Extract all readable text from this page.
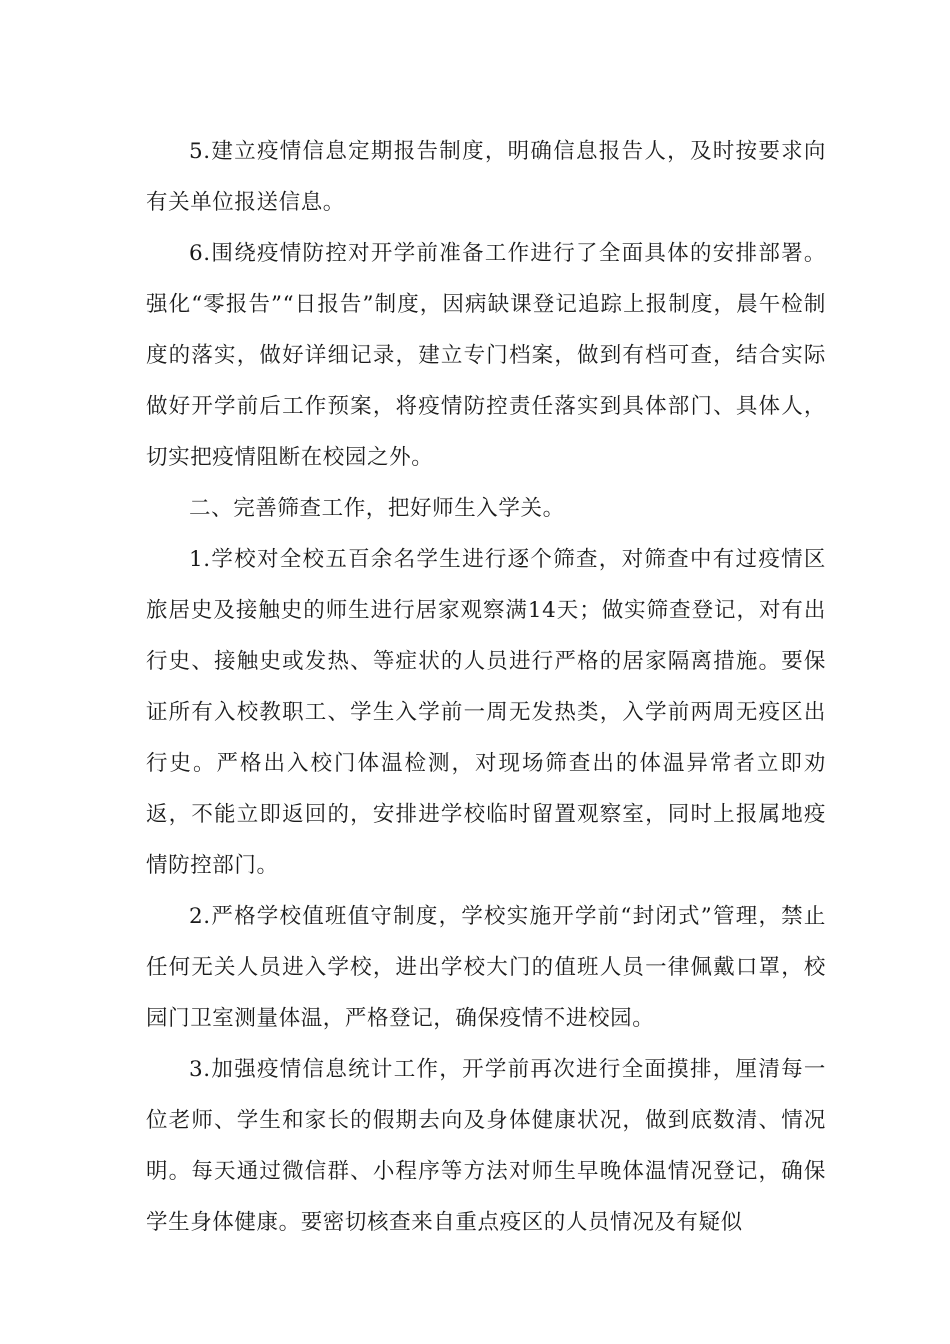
5.建立疫情信息定期报告制度，明确信息报告人，及时按要求向有关单位报送信息。

6.围绕疫情防控对开学前准备工作进行了全面具体的安排部署。强化“零报告”“日报告”制度，因病缺课登记追踪上报制度，晨午检制度的落实，做好详细记录，建立专门档案，做到有档可查，结合实际做好开学前后工作预案，将疫情防控责任落实到具体部门、具体人，切实把疫情阻断在校园之外。

二、完善筛查工作，把好师生入学关。

1.学校对全校五百余名学生进行逐个筛查，对筛查中有过疫情区旅居史及接触史的师生进行居家观察满14天；做实筛查登记，对有出行史、接触史或发热、等症状的人员进行严格的居家隔离措施。要保证所有入校教职工、学生入学前一周无发热类，入学前两周无疫区出行史。严格出入校门体温检测，对现场筛查出的体温异常者立即劝返，不能立即返回的，安排进学校临时留置观察室，同时上报属地疫情防控部门。

2.严格学校值班值守制度，学校实施开学前“封闭式”管理，禁止任何无关人员进入学校，进出学校大门的值班人员一律佩戴口罩，校园门卫室测量体温，严格登记，确保疫情不进校园。

3.加强疫情信息统计工作，开学前再次进行全面摸排，厘清每一位老师、学生和家长的假期去向及身体健康状况，做到底数清、情况明。每天通过微信群、小程序等方法对师生早晚体温情况登记，确保学生身体健康。要密切核查来自重点疫区的人员情况及有疑似
